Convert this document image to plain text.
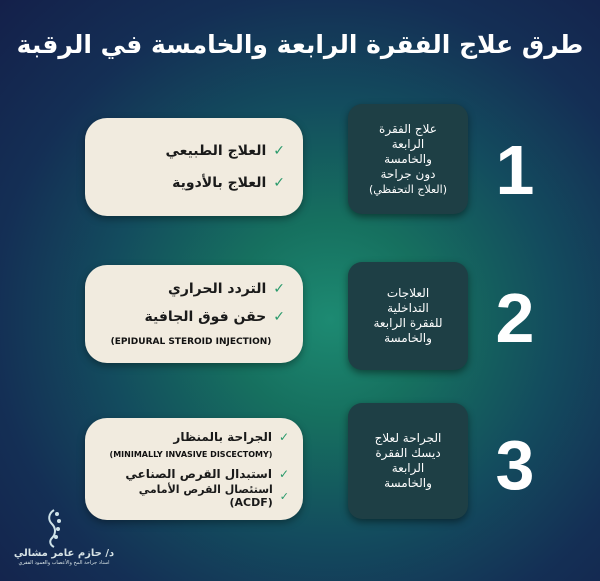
طرق علاج الفقرة الرابعة والخامسة في الرقبة
✓
العلاج الطبيعي
✓
العلاج بالأدوية
علاج الفقرة
الرابعة
والخامسة
دون جراحة
(العلاج التحفظي) 1
✓
التردد الحراري
✓
حقن فوق الجافية
(EPIDURAL STEROID INJECTION)
العلاجات
التداخلية
للفقرة الرابعة
والخامسة 2
✓
الجراحة بالمنظار
(MINIMALLY INVASIVE DISCECTOMY)
✓
استبدال القرص الصناعي
✓
استئصال القرص الأمامي (ACDF)
الجراحة لعلاج
ديسك الفقرة
الرابعة
والخامسة 3
د/ حازم عامر مشالي
استاذ جراحة المخ والأعصاب والعمود الفقري
